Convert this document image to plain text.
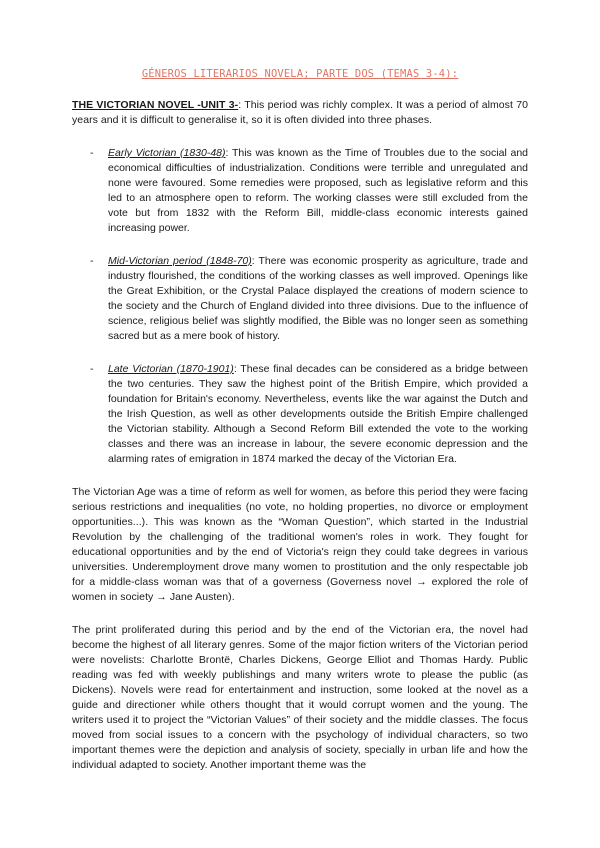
GÉNEROS LITERARIOS NOVELA; PARTE DOS (TEMAS 3-4):

THE VICTORIAN NOVEL -UNIT 3-: This period was richly complex. It was a period of almost 70 years and it is difficult to generalise it, so it is often divided into three phases.

- Early Victorian (1830-48): This was known as the Time of Troubles due to the social and economical difficulties of industrialization. Conditions were terrible and unregulated and none were favoured. Some remedies were proposed, such as legislative reform and this led to an atmosphere open to reform. The working classes were still excluded from the vote but from 1832 with the Reform Bill, middle-class economic interests gained increasing power.
- Mid-Victorian period (1848-70): There was economic prosperity as agriculture, trade and industry flourished, the conditions of the working classes as well improved. Openings like the Great Exhibition, or the Crystal Palace displayed the creations of modern science to the society and the Church of England divided into three divisions. Due to the influence of science, religious belief was slightly modified, the Bible was no longer seen as something sacred but as a mere book of history.
- Late Victorian (1870-1901): These final decades can be considered as a bridge between the two centuries. They saw the highest point of the British Empire, which provided a foundation for Britain's economy. Nevertheless, events like the war against the Dutch and the Irish Question, as well as other developments outside the British Empire challenged the Victorian stability. Although a Second Reform Bill extended the vote to the working classes and there was an increase in labour, the severe economic depression and the alarming rates of emigration in 1874 marked the decay of the Victorian Era.

The Victorian Age was a time of reform as well for women, as before this period they were facing serious restrictions and inequalities (no vote, no holding properties, no divorce or employment opportunities...). This was known as the “Woman Question”, which started in the Industrial Revolution by the challenging of the traditional women's roles in work. They fought for educational opportunities and by the end of Victoria's reign they could take degrees in various universities. Underemployment drove many women to prostitution and the only respectable job for a middle-class woman was that of a governess (Governess novel → explored the role of women in society → Jane Austen).

The print proliferated during this period and by the end of the Victorian era, the novel had become the highest of all literary genres. Some of the major fiction writers of the Victorian period were novelists: Charlotte Brontë, Charles Dickens, George Elliot and Thomas Hardy. Public reading was fed with weekly publishings and many writers wrote to please the public (as Dickens). Novels were read for entertainment and instruction, some looked at the novel as a guide and directioner while others thought that it would corrupt women and the young. The writers used it to project the “Victorian Values” of their society and the middle classes. The focus moved from social issues to a concern with the psychology of individual characters, so two important themes were the depiction and analysis of society, specially in urban life and how the individual adapted to society. Another important theme was the
